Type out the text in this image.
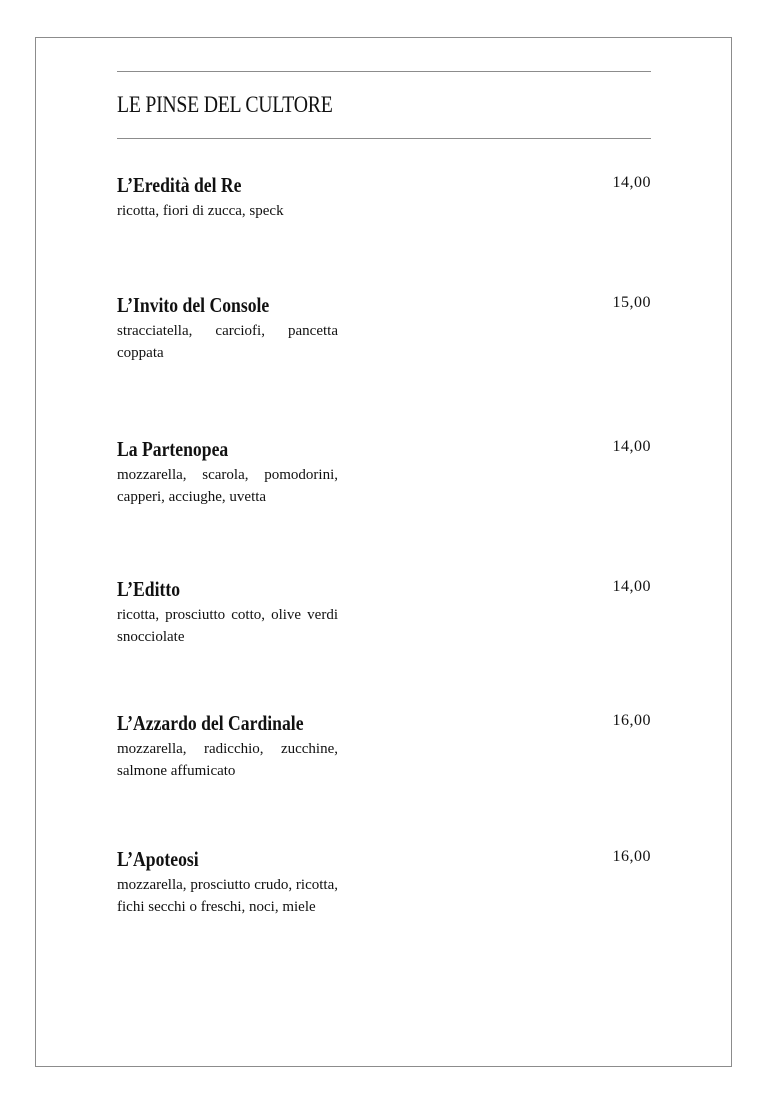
LE PINSE DEL CULTORE
L’Eredità del Re	14,00
ricotta, fiori di zucca, speck
L’Invito del Console	15,00
stracciatella, carciofi, pancetta coppata
La Partenopea	14,00
mozzarella, scarola, pomodorini, capperi, acciughe, uvetta
L’Editto	14,00
ricotta, prosciutto cotto, olive verdi snocciolate
L’Azzardo del Cardinale	16,00
mozzarella, radicchio, zucchine, salmone affumicato
L’Apoteosi	16,00
mozzarella, prosciutto crudo, ricotta, fichi secchi o freschi, noci, miele
